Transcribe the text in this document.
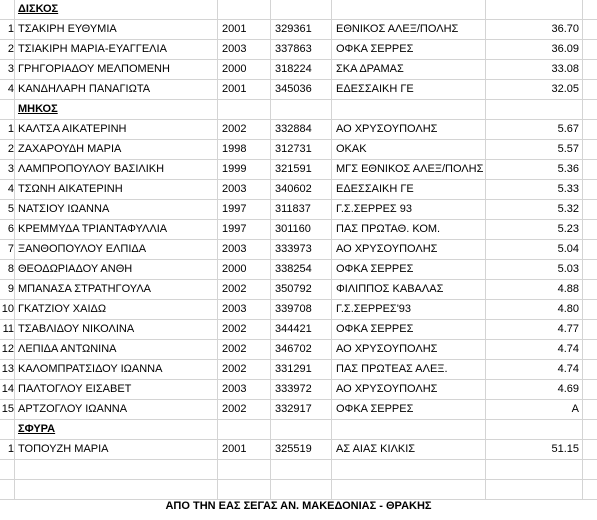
ΔΙΣΚΟΣ
1 ΤΣΑΚΙΡΗ ΕΥΘΥΜΙΑ	2001	329361	ΕΘΝΙΚΟΣ ΑΛΕΞ/ΠΟΛΗΣ	36.70
2 ΤΣΙΑΚΙΡΗ ΜΑΡΙΑ-ΕΥΑΓΓΕΛΙΑ	2003	337863	ΟΦΚΑ ΣΕΡΡΕΣ	36.09
3 ΓΡΗΓΟΡΙΑΔΟΥ ΜΕΛΠΟΜΕΝΗ	2000	318224	ΣΚΑ ΔΡΑΜΑΣ	33.08
4 ΚΑΝΔΗΛΑΡΗ ΠΑΝΑΓΙΩΤΑ	2001	345036	ΕΔΕΣΣΑΙΚΗ ΓΕ	32.05
ΜΗΚΟΣ
1 ΚΑΛΤΣΑ ΑΙΚΑΤΕΡΙΝΗ	2002	332884	ΑΟ ΧΡΥΣΟΥΠΟΛΗΣ	5.67
2 ΖΑΧΑΡΟΥΔΗ ΜΑΡΙΑ	1998	312731	ΟΚΑΚ	5.57
3 ΛΑΜΠΡΟΠΟΥΛΟΥ ΒΑΣΙΛΙΚΗ	1999	321591	ΜΓΣ ΕΘΝΙΚΟΣ ΑΛΕΞ/ΠΟΛΗΣ	5.36
4 ΤΣΩΝΗ ΑΙΚΑΤΕΡΙΝΗ	2003	340602	ΕΔΕΣΣΑΙΚΗ ΓΕ	5.33
5 ΝΑΤΣΙΟΥ ΙΩΑΝΝΑ	1997	311837	Γ.Σ.ΣΕΡΡΕΣ 93	5.32
6 ΚΡΕΜΜΥΔΑ ΤΡΙΑΝΤΑΦΥΛΛΙΑ	1997	301160	ΠΑΣ ΠΡΩΤΑΘ. ΚΟΜ.	5.23
7 ΞΑΝΘΟΠΟΥΛΟΥ ΕΛΠΙΔΑ	2003	333973	ΑΟ ΧΡΥΣΟΥΠΟΛΗΣ	5.04
8 ΘΕΟΔΩΡΙΑΔΟΥ ΑΝΘΗ	2000	338254	ΟΦΚΑ ΣΕΡΡΕΣ	5.03
9 ΜΠΑΝΑΣΑ ΣΤΡΑΤΗΓΟΥΛΑ	2002	350792	ΦΙΛΙΠΠΟΣ ΚΑΒΑΛΑΣ	4.88
10 ΓΚΑΤΖΙΟΥ ΧΑΙΔΩ	2003	339708	Γ.Σ.ΣΕΡΡΕΣ'93	4.80
11 ΤΣΑΒΛΙΔΟΥ ΝΙΚΟΛΙΝΑ	2002	344421	ΟΦΚΑ ΣΕΡΡΕΣ	4.77
12 ΛΕΠΙΔΑ ΑΝΤΩΝΙΝΑ	2002	346702	ΑΟ ΧΡΥΣΟΥΠΟΛΗΣ	4.74
13 ΚΑΛΟΜΠΡΑΤΣΙΔΟΥ ΙΩΑΝΝΑ	2002	331291	ΠΑΣ ΠΡΩΤΕΑΣ ΑΛΕΞ.	4.74
14 ΠΑΛΤΟΓΛΟΥ ΕΙΣΑΒΕΤ	2003	333972	ΑΟ ΧΡΥΣΟΥΠΟΛΗΣ	4.69
15 ΑΡΤΖΟΓΛΟΥ ΙΩΑΝΝΑ	2002	332917	ΟΦΚΑ ΣΕΡΡΕΣ	Α
ΣΦΥΡΑ
1 ΤΟΠΟΥΖΗ ΜΑΡΙΑ	2001	325519	ΑΣ ΑΙΑΣ ΚΙΛΚΙΣ	51.15
ΑΠΟ ΤΗΝ ΕΑΣ ΣΕΓΑΣ ΑΝ. ΜΑΚΕΔΟΝΙΑΣ - ΘΡΑΚΗΣ
